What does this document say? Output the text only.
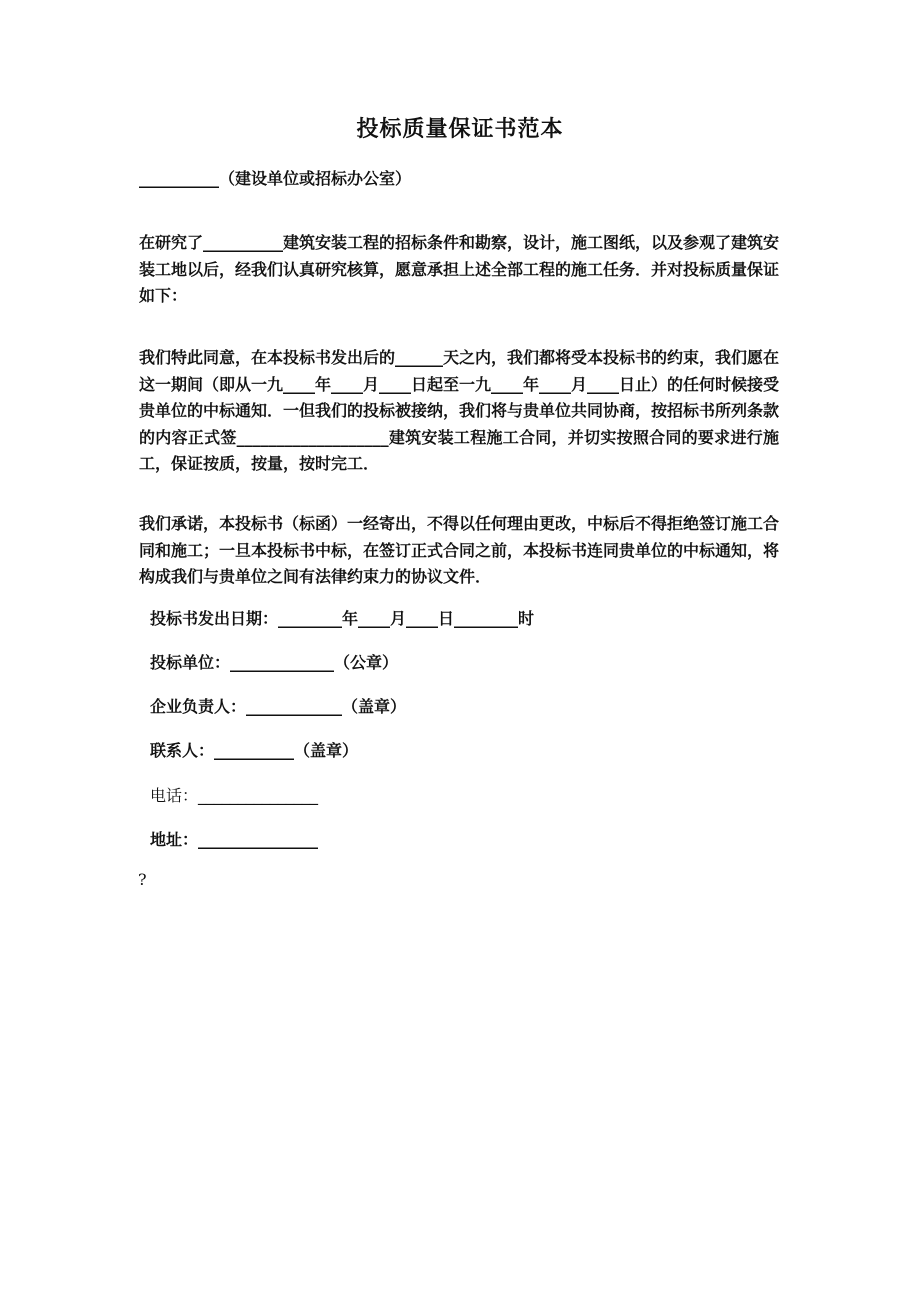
投标质量保证书范本
__________（建设单位或招标办公室）

在研究了__________建筑安装工程的招标条件和勘察，设计，施工图纸，以及参观了建筑安装工地以后，经我们认真研究核算，愿意承担上述全部工程的施工任务．并对投标质量保证如下：

我们特此同意，在本投标书发出后的______天之内，我们都将受本投标书的约束，我们愿在这一期间（即从一九____年____月____日起至一九____年____月____日止）的任何时候接受贵单位的中标通知．一但我们的投标被接纳，我们将与贵单位共同协商，按招标书所列条款的内容正式签___________________建筑安装工程施工合同，并切实按照合同的要求进行施工，保证按质，按量，按时完工．

我们承诺，本投标书（标函）一经寄出，不得以任何理由更改，中标后不得拒绝签订施工合同和施工；一旦本投标书中标，在签订正式合同之前，本投标书连同贵单位的中标通知，将构成我们与贵单位之间有法律约束力的协议文件．

投标书发出日期：________年____月____日________时
投标单位：_____________（公章）
企业负责人：____________（盖章）
联系人：__________（盖章）
电话：_______________
地址：_______________
?
